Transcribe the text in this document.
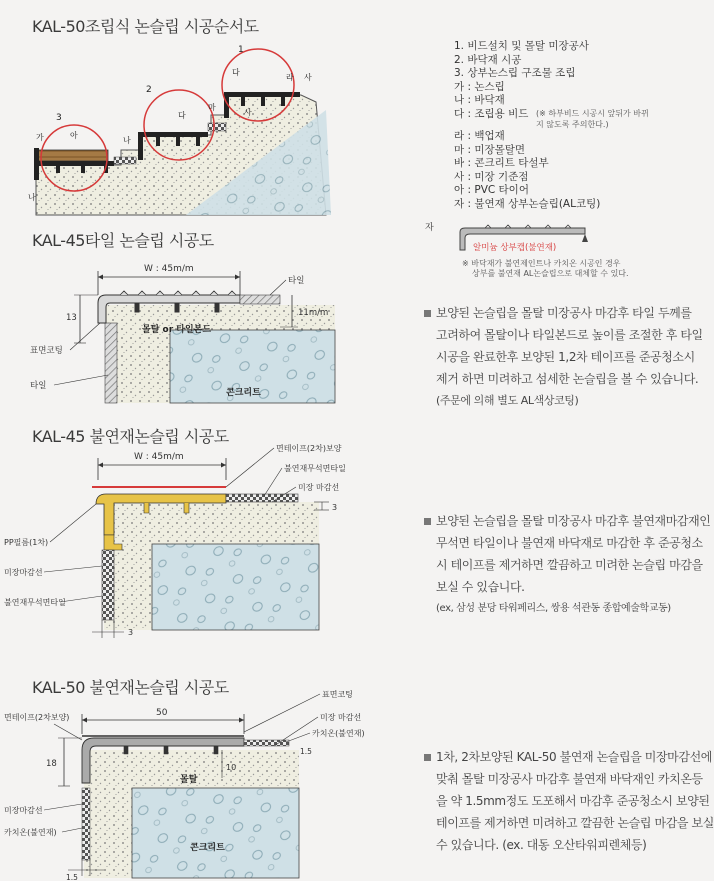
KAL-50조립식 논슬립 시공순서도
3
2
1
가	아
나
나
다
마
다
라 사
사
1. 비드설치 및 몰탈 미장공사
2. 바닥재 시공
3. 상부논스립 구조물 조립
가 : 논스립
나 : 바닥재
다 : 조립용 비드 (※ 하부비드 시공시 앞뒤가 바뀌지 않도록 주의한다.)
라 : 백업재
마 : 미장몰탈면
바 : 콘크리트 타설부
사 : 미장 기준점
아 : PVC 타이어
자 : 불연재 상부논슬립(AL코팅)
자
알미늄 상부캡(불연재)
※ 바닥재가 불연제인트나 카치온 시공인 경우
상부를 불연재 AL논슬립으로 대체할 수 있다.
KAL-45타일 논슬립 시공도
W : 45m/m
타일
13	11m/m
몰탈 or 타일본드
표면코팅
타일
콘크리트
보양된 논슬립을 몰탈 미장공사 마감후 타일 두께를
고려하여 몰탈이나 타일본드로 높이를 조절한 후 타일
시공을 완료한후 보양된 1,2차 테이프를 준공청소시
제거 하면 미려하고 섬세한 논슬립을 볼 수 있습니다.
(주문에 의해 별도 AL색상코팅)
KAL-45 불연재논슬립 시공도
W : 45m/m
면테이프(2차)보양
불연재무석면타일
미장 마감선
3
PP필름(1차)
미장마감선
불연재무석면타일
3
보양된 논슬립을 몰탈 미장공사 마감후 불연재마감재인
무석면 타일이나 불연재 바닥재로 마감한 후 준공청소
시 테이프를 제거하면 깔끔하고 미려한 논슬립 마감을
보실 수 있습니다.
(ex, 삼성 분당 타워페리스, 쌍용 석관동 종합예술학교동)
KAL-50 불연재논슬립 시공도	표면코팅
50
면테이프(2차보양)	미장 마감선
카치온(불연재)
1.5
18	10
몰탈
미장마감선
카치온(불연재)
콘크리트
1.5
1차, 2차보양된 KAL-50 불연재 논슬립을 미장마감선에
맞춰 몰탈 미장공사 마감후 불연재 바닥재인 카치온등
을 약 1.5mm정도 도포해서 마감후 준공청소시 보양된
테이프를 제거하면 미려하고 깔끔한 논슬립 마감을 보실
수 있습니다. (ex. 대동 오산타워피렌체등)
